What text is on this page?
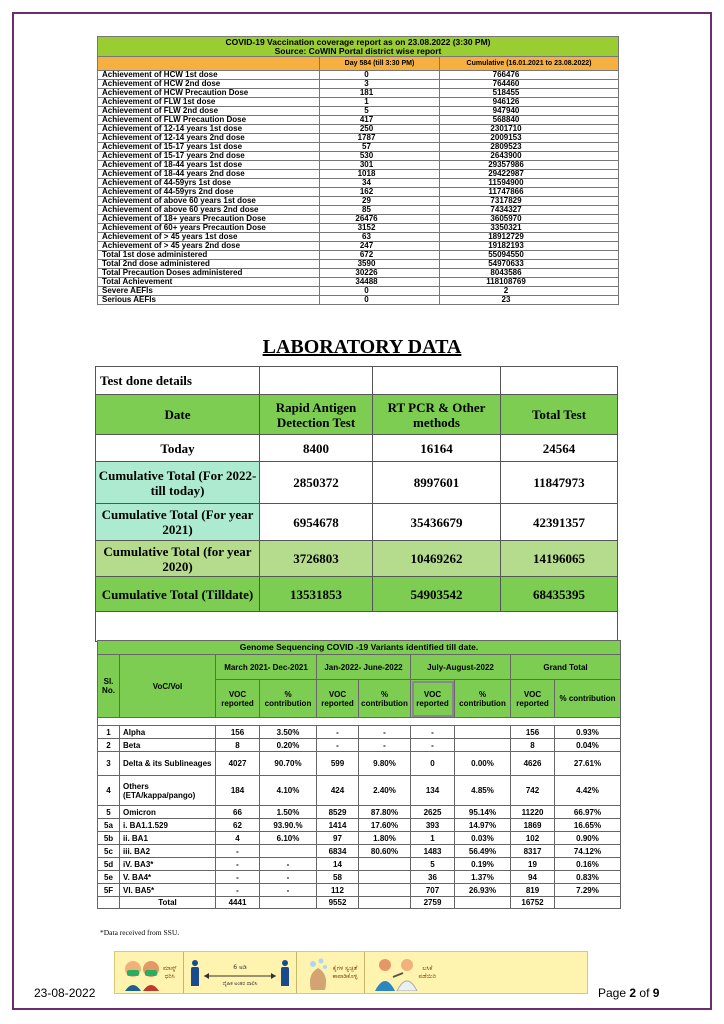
COVID-19 Vaccination coverage report as on 23.08.2022 (3:30 PM)
Source: CoWIN Portal district wise report		

	Day 584 (till 3:30 PM)	Cumulative (16.01.2021 to 23.08.2022)
Achievement of HCW 1st dose	0	766476
Achievement of HCW 2nd dose	3	764460
Achievement of HCW Precaution Dose	181	518455
Achievement of FLW 1st dose	1	946126
Achievement of FLW 2nd dose	5	947940
Achievement of FLW Precaution Dose	417	568840
Achievement of 12-14 years 1st dose	250	2301710
Achievement of 12-14 years 2nd dose	1787	2009153
Achievement of 15-17 years 1st dose	57	2809523
Achievement of 15-17 years 2nd dose	530	2643900
Achievement of 18-44 years 1st dose	301	29357986
Achievement of 18-44 years 2nd dose	1018	29422987
Achievement of 44-59yrs 1st dose	34	11594900
Achievement of 44-59yrs 2nd dose	162	11747866
Achievement of above 60 years 1st dose	29	7317829
Achievement of above 60 years 2nd dose	85	7434327
Achievement of 18+ years Precaution Dose	26476	3605970
Achievement of 60+ years Precaution Dose	3152	3350321
Achievement of > 45 years 1st dose	63	18912729
Achievement of > 45 years 2nd dose	247	19182193
Total 1st dose administered	672	55094550
Total 2nd dose administered	3590	54970633
Total Precaution Doses administered	30226	8043586
Total Achievement	34488	118108769
Severe AEFIs	0	2
Serious AEFIs	0	23
LABORATORY DATA
Test done details			
Date	Rapid Antigen Detection Test	RT PCR & Other methods	Total Test
Today	8400	16164	24564
Cumulative Total (For 2022- till today)	2850372	8997601	11847973
Cumulative Total (For year 2021)	6954678	35436679	42391357
Cumulative Total (for year 2020)	3726803	10469262	14196065
Cumulative Total (Tilldate)	13531853	54903542	68435395

Genome Sequencing COVID -19 Variants identified till date.									
Sl. No.	VoC/VoI	March 2021- Dec-2021		Jan-2022- June-2022		July-August-2022		Grand Total	
		VOC reported	% contribution	VOC reported	% contribution	VOC reported	% contribution	VOC reported	% contribution

1	Alpha	156	3.50%	-	-	-		156	0.93%
2	Beta	8	0.20%	-	-	-		8	0.04%
3	Delta & its Sublineages	4027	90.70%	599	9.80%	0	0.00%	4626	27.61%
4	Others (ETA/kappa/pango)	184	4.10%	424	2.40%	134	4.85%	742	4.42%
5	Omicron	66	1.50%	8529	87.80%	2625	95.14%	11220	66.97%
5a	i. BA1.1.529	62	93.90.%	1414	17.60%	393	14.97%	1869	16.65%
5b	ii. BA1	4	6.10%	97	1.80%	1	0.03%	102	0.90%
5c	iii. BA2	-		6834	80.60%	1483	56.49%	8317	74.12%
5d	iV. BA3*	-	-	14		5	0.19%	19	0.16%
5e	V. BA4*	-	-	58		36	1.37%	94	0.83%
5F	VI. BA5*	-	-	112		707	26.93%	819	7.29%
	Total	4441		9552		2759		16752	
*Data received from SSU.
ಮಾಸ್ಕ್
ಧರಿಸಿ
6 ಅಡಿ
ದೈಹಿಕ ಅಂತರ ಪಾಲಿಸಿ
ಕೈಗಳ ಸ್ವಚ್ಛತೆ
ಕಾಪಾಡಿಕೊಳ್ಳಿ
ಲಸಿಕೆ
ಪಡೆಯಿರಿ
23-08-2022	Page 2 of 9
